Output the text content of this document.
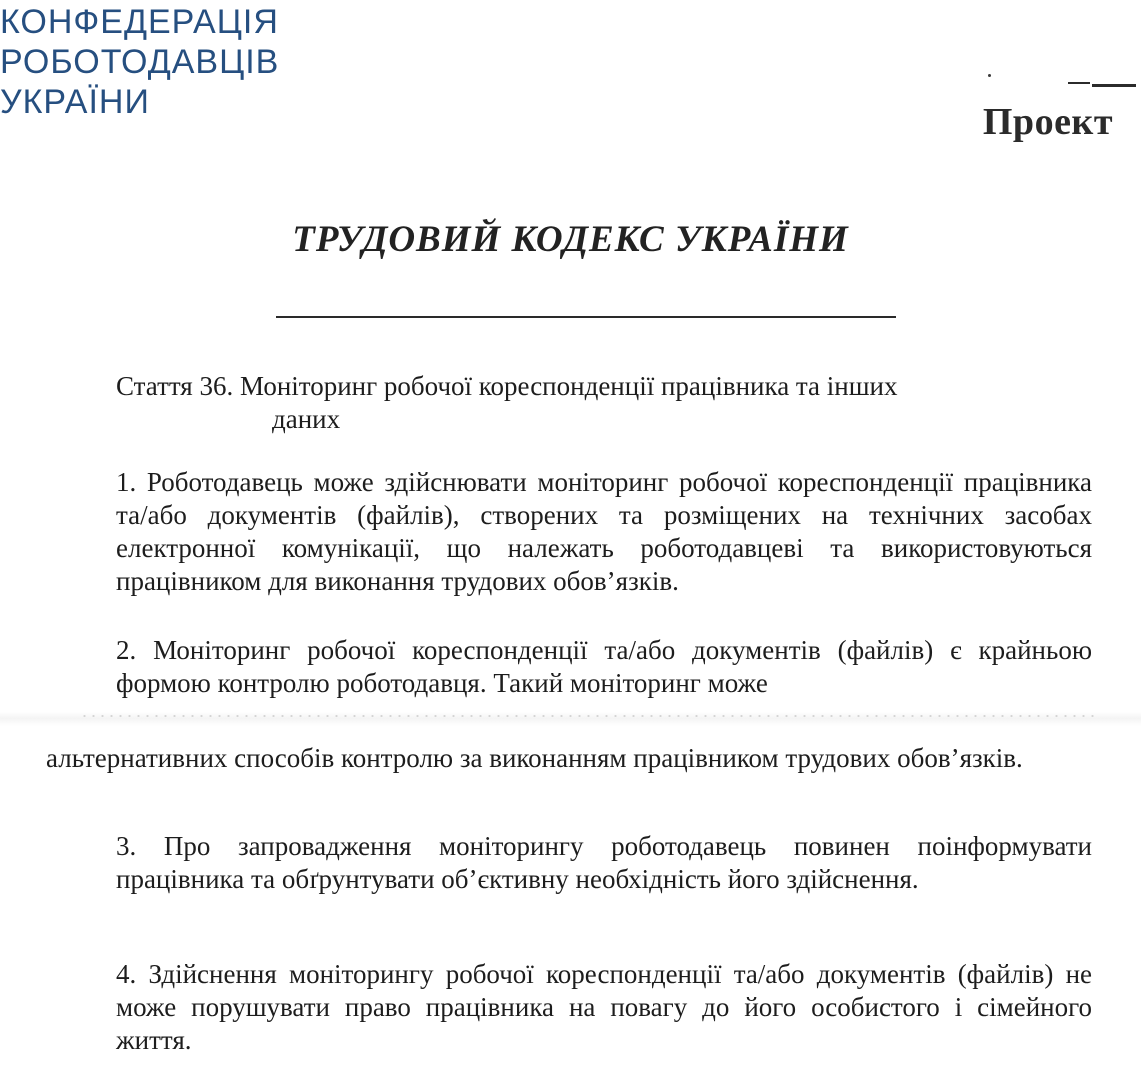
КОНФЕДЕРАЦІЯ
РОБОТОДАВЦІВ
УКРАЇНИ	Проект
ТРУДОВИЙ КОДЕКС УКРАЇНИ
Стаття 36. Моніторинг робочої кореспонденції працівника та інших
даних
1. Роботодавець може здійснювати моніторинг робочої кореспонденції працівника та/або документів (файлів), створених та розміщених на технічних засобах електронної комунікації, що належать роботодавцеві та використовуються працівником для виконання трудових обов’язків.
2. Моніторинг робочої кореспонденції та/або документів (файлів) є крайньою формою контролю роботодавця. Такий моніторинг може
альтернативних способів контролю за виконанням працівником трудових обов’язків.
3. Про запровадження моніторингу роботодавець повинен поінформувати працівника та обґрунтувати об’єктивну необхідність його здійснення.
4. Здійснення моніторингу робочої кореспонденції та/або документів (файлів) не може порушувати право працівника на повагу до його особистого і сімейного життя.
